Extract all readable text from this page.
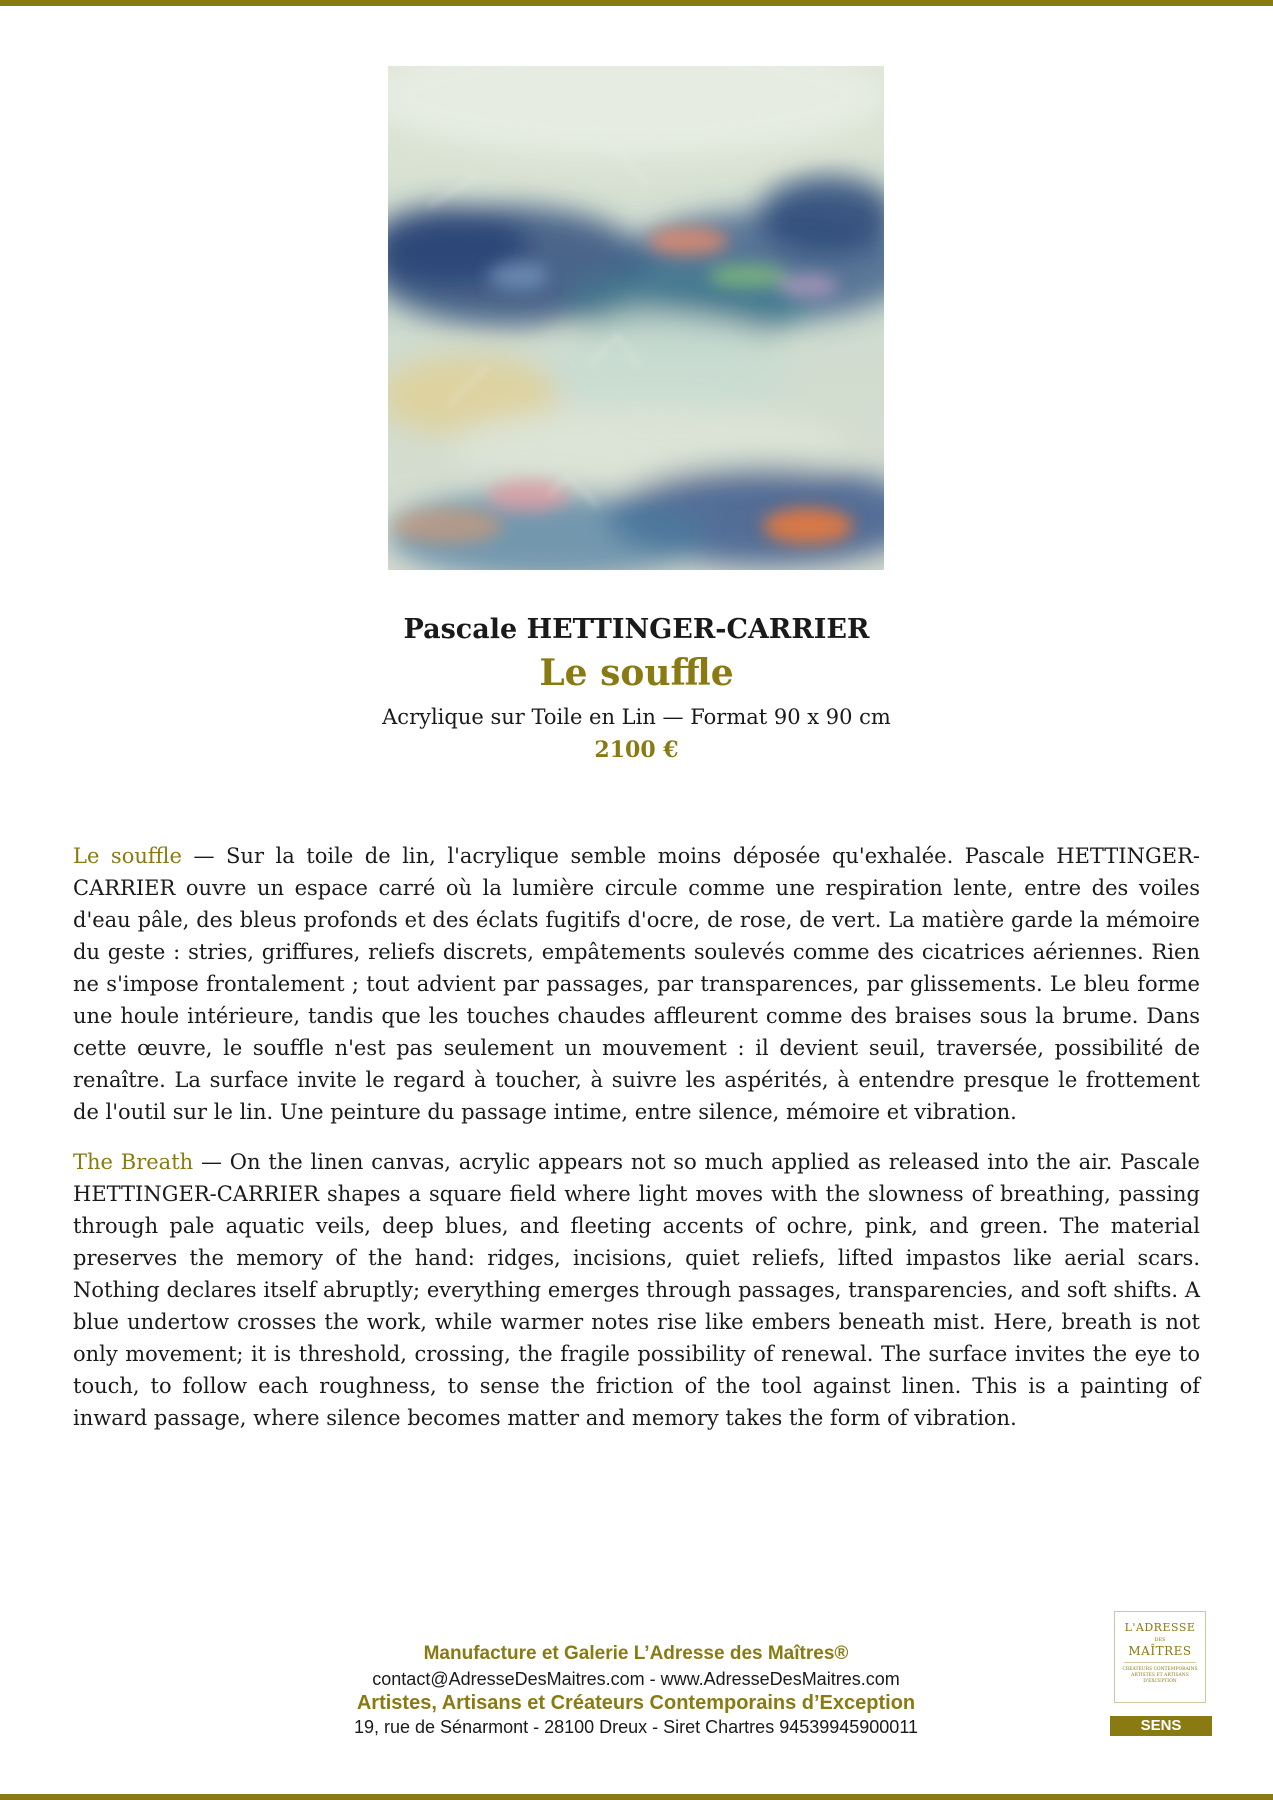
Pascale HETTINGER-CARRIER
Le souffle
Acrylique sur Toile en Lin — Format 90 x 90 cm
2100 €

Le souffle — Sur la toile de lin, l'acrylique semble moins déposée qu'exhalée. Pascale HETTINGER-CARRIER ouvre un espace carré où la lumière circule comme une respiration lente, entre des voiles d'eau pâle, des bleus profonds et des éclats fugitifs d'ocre, de rose, de vert. La matière garde la mémoire du geste : stries, griffures, reliefs discrets, empâtements soulevés comme des cicatrices aériennes. Rien ne s'impose frontalement ; tout advient par passages, par transparences, par glissements. Le bleu forme une houle intérieure, tandis que les touches chaudes affleurent comme des braises sous la brume. Dans cette œuvre, le souffle n'est pas seulement un mouvement : il devient seuil, traversée, possibilité de renaître. La surface invite le regard à toucher, à suivre les aspérités, à entendre presque le frottement de l'outil sur le lin. Une peinture du passage intime, entre silence, mémoire et vibration.

The Breath — On the linen canvas, acrylic appears not so much applied as released into the air. Pascale HETTINGER-CARRIER shapes a square field where light moves with the slowness of breathing, passing through pale aquatic veils, deep blues, and fleeting accents of ochre, pink, and green. The material preserves the memory of the hand: ridges, incisions, quiet reliefs, lifted impastos like aerial scars. Nothing declares itself abruptly; everything emerges through passages, transparencies, and soft shifts. A blue undertow crosses the work, while warmer notes rise like embers beneath mist. Here, breath is not only movement; it is threshold, crossing, the fragile possibility of renewal. The surface invites the eye to touch, to follow each roughness, to sense the friction of the tool against linen. This is a painting of inward passage, where silence becomes matter and memory takes the form of vibration.

Manufacture et Galerie L’Adresse des Maîtres®
contact@AdresseDesMaitres.com - www.AdresseDesMaitres.com
Artistes, Artisans et Créateurs Contemporains d’Exception
19, rue de Sénarmont - 28100 Dreux - Siret Chartres 94539945900011
L'ADRESSE
DES
MAÎTRES
CRÉATEURS CONTEMPORAINS ARTISTES ET ARTISANS D'EXCEPTION
SENS
